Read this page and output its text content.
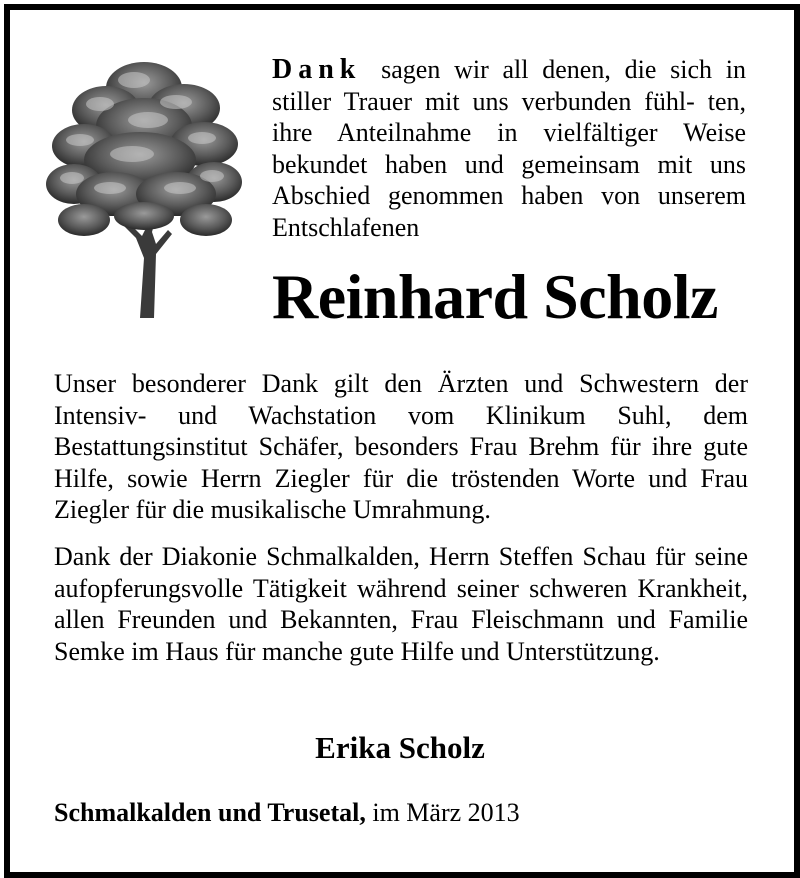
Dank sagen wir all denen, die sich in stiller Trauer mit uns verbunden fühl- ten, ihre Anteilnahme in vielfältiger Weise bekundet haben und gemeinsam mit uns Abschied genommen haben von unserem Entschlafenen
Reinhard Scholz
Unser besonderer Dank gilt den Ärzten und Schwestern der Intensiv- und Wachstation vom Klinikum Suhl, dem Bestattungsinstitut Schäfer, besonders Frau Brehm für ihre gute Hilfe, sowie Herrn Ziegler für die tröstenden Worte und Frau Ziegler für die musikalische Umrahmung.
Dank der Diakonie Schmalkalden, Herrn Steffen Schau für seine aufopferungsvolle Tätigkeit während seiner schweren Krankheit, allen Freunden und Bekannten, Frau Fleischmann und Familie Semke im Haus für manche gute Hilfe und Unterstützung.
Erika Scholz
Schmalkalden und Trusetal, im März 2013
